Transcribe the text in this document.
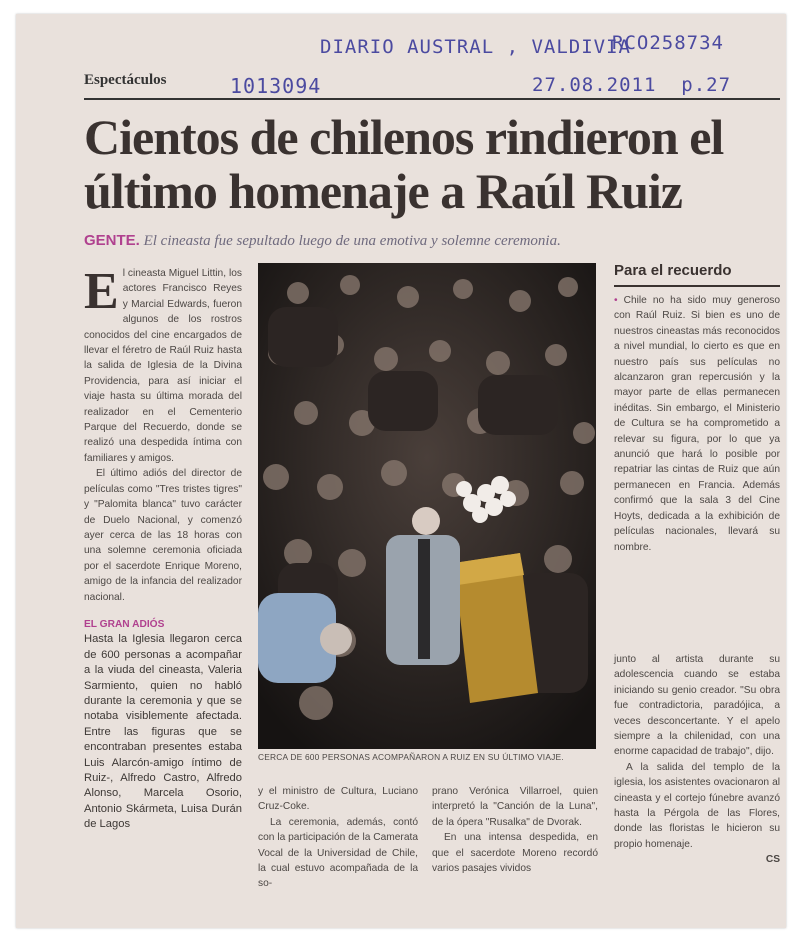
DIARIO AUSTRAL , VALDIVIA
RCO258734
1013094	27.08.2011  p.27
Espectáculos
Cientos de chilenos rindieron el último homenaje a Raúl Ruiz
GENTE. El cineasta fue sepultado luego de una emotiva y solemne ceremonia.
E l cineasta Miguel Littin, los actores Francisco Reyes y Marcial Edwards, fueron algunos de los rostros conocidos del cine encargados de llevar el féretro de Raúl Ruiz hasta la salida de Iglesia de la Divina Providencia, para así iniciar el viaje hasta su última morada del realizador en el Cementerio Parque del Recuerdo, donde se realizó una despedida íntima con familiares y amigos.

El último adiós del director de películas como "Tres tristes tigres" y "Palomita blanca" tuvo carácter de Duelo Nacional, y comenzó ayer cerca de las 18 horas con una solemne ceremonia oficiada por el sacerdote Enrique Moreno, amigo de la infancia del realizador nacional.

EL GRAN ADIÓS

Hasta la Iglesia llegaron cerca de 600 personas a acompañar a la viuda del cineasta, Valeria Sarmiento, quien no habló durante la ceremonia y que se notaba visiblemente afectada. Entre las figuras que se encontraban presentes estaba Luis Alarcón-amigo íntimo de Ruiz-, Alfredo Castro, Alfredo Alonso, Marcela Osorio, Antonio Skármeta, Luisa Durán de Lagos

CERCA DE 600 PERSONAS ACOMPAÑARON A RUIZ EN SU ÚLTIMO VIAJE.
Para el recuerdo

• Chile no ha sido muy generoso con Raúl Ruiz. Si bien es uno de nuestros cineastas más reconocidos a nivel mundial, lo cierto es que en nuestro país sus películas no alcanzaron gran repercusión y la mayor parte de ellas permanecen inéditas. Sin embargo, el Ministerio de Cultura se ha comprometido a relevar su figura, por lo que ya anunció que hará lo posible por repatriar las cintas de Ruiz que aún permanecen en Francia. Además confirmó que la sala 3 del Cine Hoyts, dedicada a la exhibición de películas nacionales, llevará su nombre.

y el ministro de Cultura, Luciano Cruz-Coke.

La ceremonia, además, contó con la participación de la Camerata Vocal de la Universidad de Chile, la cual estuvo acompañada de la so-

prano Verónica Villarroel, quien interpretó la "Canción de la Luna", de la ópera "Rusalka" de Dvorak.

En una intensa despedida, en que el sacerdote Moreno recordó varios pasajes vividos

junto al artista durante su adolescencia cuando se estaba iniciando su genio creador. "Su obra fue contradictoria, paradójica, a veces desconcertante. Y el apelo siempre a la chilenidad, con una enorme capacidad de trabajo", dijo.

A la salida del templo de la iglesia, los asistentes ovacionaron al cineasta y el cortejo fúnebre avanzó hasta la Pérgola de las Flores, donde las floristas le hicieron su propio homenaje.

CS
